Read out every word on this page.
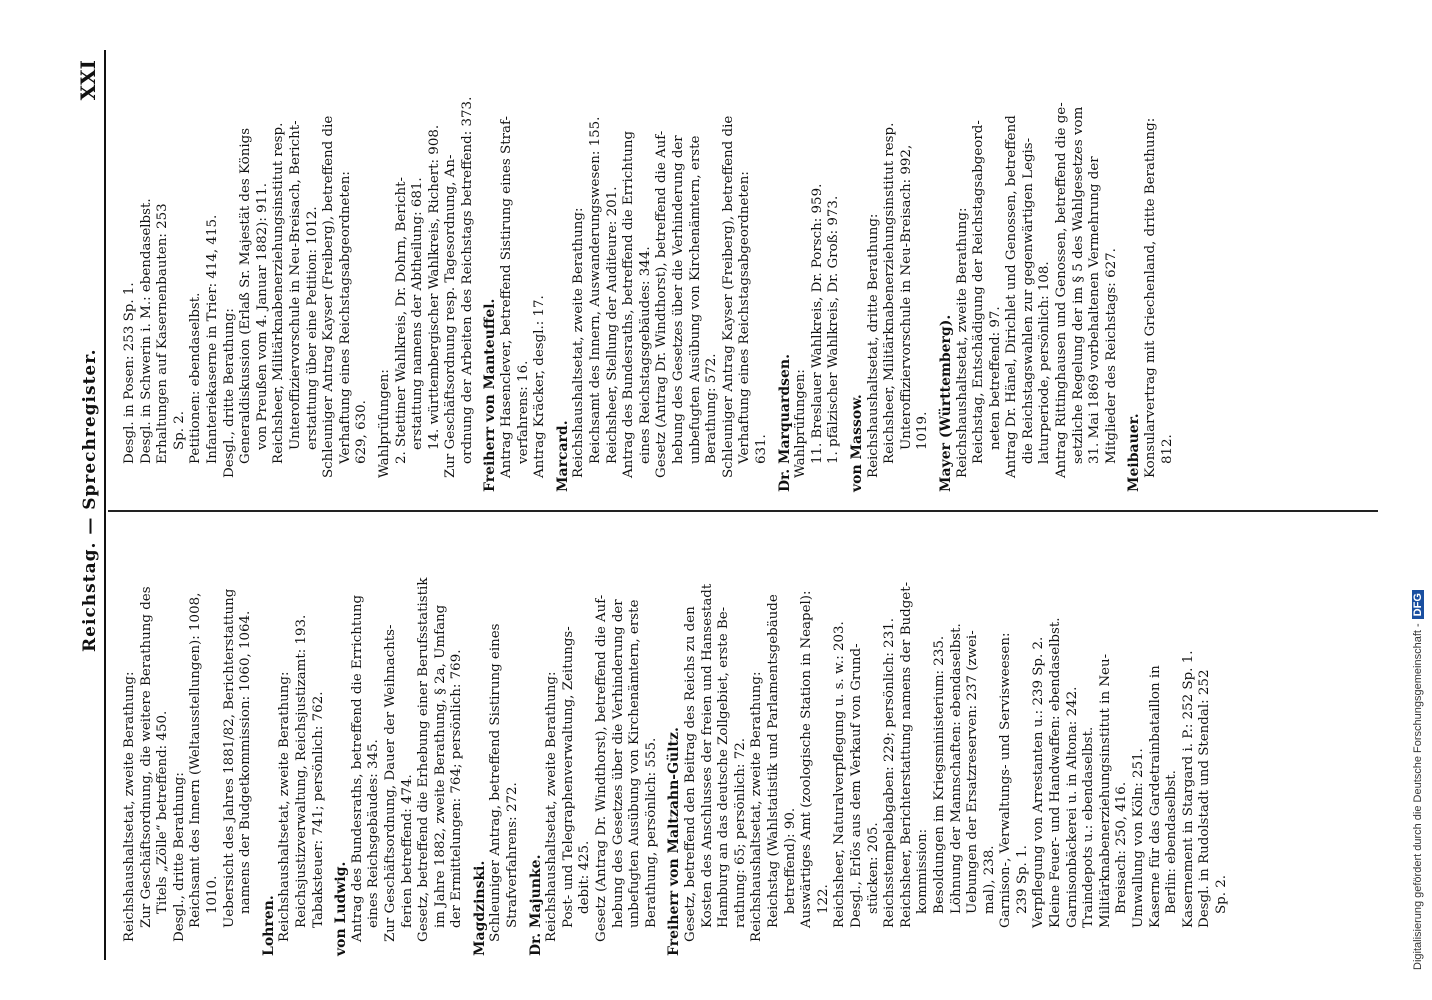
Reichstag. — Sprechregister.
XXI
Reichshaushaltsetat, zweite Berathung: Zur Geschäftsordnung, die weitere Berathung des Titels „Zölle“ betreffend: 450. Desgl., dritte Berathung: Reichsamt des Innern (Weltausstellungen): 1008, 1010. Uebersicht des Jahres 1881/82, Berichterstattung namens der Budgetkommission: 1060, 1064.
Lohren. Reichshaushaltsetat, zweite Berathung: Reichsjustizverwaltung, Reichsjustizamt: 193. Tabaksteuer: 741; persönlich: 762. von Ludwig. Antrag des Bundesraths, betreffend die Errichtung eines Reichsgebäudes: 345. Zur Geschäftsordnung, Dauer der Weihnachts- ferien betreffend: 474. Gesetz, betreffend die Erhebung einer Berufsstatistik im Jahre 1882, zweite Berathung, § 2a, Umfang der Ermittelungen: 764; persönlich: 769. Magdzinski. Schleuniger Antrag, betreffend Sistirung eines Strafverfahrens: 272. Dr. Majunke. Reichshaushaltsetat, zweite Berathung: Post- und Telegraphenverwaltung, Zeitungs- debit: 425. Gesetz (Antrag Dr. Windthorst), betreffend die Auf- hebung des Gesetzes über die Verhinderung der unbefugten Ausübung von Kirchenämtern, erste Berathung, persönlich: 555. Freiherr von Maltzahn-Gültz. Gesetz, betreffend den Beitrag des Reichs zu den Kosten des Anschlusses der freien und Hansestadt Hamburg an das deutsche Zollgebiet, erste Be- rathung: 65; persönlich: 72. Reichshaushaltsetat, zweite Berathung: Reichstag (Wahlstatistik und Parlamentsgebäude betreffend): 90. Auswärtiges Amt (zoologische Station in Neapel): 122. Reichsheer, Naturalverpflegung u. s. w.: 203. Desgl., Erlös aus dem Verkauf von Grund- stücken: 205. Reichsstempelabgaben: 229; persönlich: 231. Reichsheer, Berichterstattung namens der Budget- kommission: Besoldungen im Kriegsministerium: 235. Löhnung der Mannschaften: ebendaselbst. Uebungen der Ersatzreserven: 237 (zwei- mal), 238. Garnison-, Verwaltungs- und Servisweesen: 239 Sp. 1. Verpflegung von Arrestanten u.: 239 Sp. 2. Kleine Feuer- und Handwaffen: ebendaselbst. Garnisonbäckerei u. in Altona: 242. Traindepots u.: ebendaselbst. Militärknabenerziehungsinstitut in Neu- Breisach: 250, 416. Umwallung von Köln: 251. Kaserne für das Gardetrainbataillon in Berlin: ebendaselbst. Kasernement in Stargard i. P.: 252 Sp. 1. Desgl. in Rudolstadt und Stendal: 252 Sp. 2.
Desgl. in Posen: 253 Sp. 1. Desgl. in Schwerin i. M.: ebendaselbst. Erhaltungen auf Kasernenbauten: 253 Sp. 2. Petitionen: ebendaselbst. Infanteriekaserne in Trier: 414, 415. Desgl., dritte Berathung: Generaldiskussion (Erlaß Sr. Majestät des Königs von Preußen vom 4. Januar 1882): 911. Reichsheer, Militärknabenerziehungsinstitut resp. Unteroffiziervorschule in Neu-Breisach, Bericht- erstattung über eine Petition: 1012. Schleuniger Antrag Kayser (Freiberg), betreffend die Verhaftung eines Reichstagsabgeordneten: 629, 630. Wahlprüfungen: 2. Stettiner Wahlkreis, Dr. Dohrn, Bericht- erstattung namens der Abtheilung: 681. 14. württembergischer Wahlkreis, Richert: 908. Zur Geschäftsordnung resp. Tagesordnung, An- ordnung der Arbeiten des Reichstags betreffend: 373. Freiherr von Manteuffel. Antrag Hasenclever, betreffend Sistirung eines Straf- verfahrens: 16. Antrag Kräcker, desgl.: 17. Marcard. Reichshaushaltsetat, zweite Berathung: Reichsamt des Innern, Auswanderungswesen: 155. Reichsheer, Stellung der Auditeure: 201. Antrag des Bundesraths, betreffend die Errichtung eines Reichstagsgebäudes: 344. Gesetz (Antrag Dr. Windthorst), betreffend die Auf- hebung des Gesetzes über die Verhinderung der unbefugten Ausübung von Kirchenämtern, erste Berathung: 572. Schleuniger Antrag Kayser (Freiberg), betreffend die Verhaftung eines Reichstagsabgeordneten: 631. Dr. Marquardsen. Wahlprüfungen: 11. Breslauer Wahlkreis, Dr. Porsch: 959. 1. pfälzischer Wahlkreis, Dr. Groß: 973. von Massow. Reichshaushaltsetat, dritte Berathung: Reichsheer, Militärknabenerziehungsinstitut resp. Unteroffiziervorschule in Neu-Breisach: 992, 1019. Mayer (Württemberg). Reichshaushaltsetat, zweite Berathung: Reichstag, Entschädigung der Reichstagsabgeord- neten betreffend: 97. Antrag Dr. Hänel, Dirichlet und Genossen, betreffend die Reichstagswahlen zur gegenwärtigen Legis- laturperiode, persönlich: 108. Antrag Rittinghausen und Genossen, betreffend die ge- setzliche Regelung der im § 5 des Wahlgesetzes vom 31. Mai 1869 vorbehaltenen Vermehrung der Mitglieder des Reichstags: 627. Meibauer. Konsularvertrag mit Griechenland, dritte Berathung: 812.
Digitalisierung gefördert durch die Deutsche Forschungsgemeinschaft -DFG
